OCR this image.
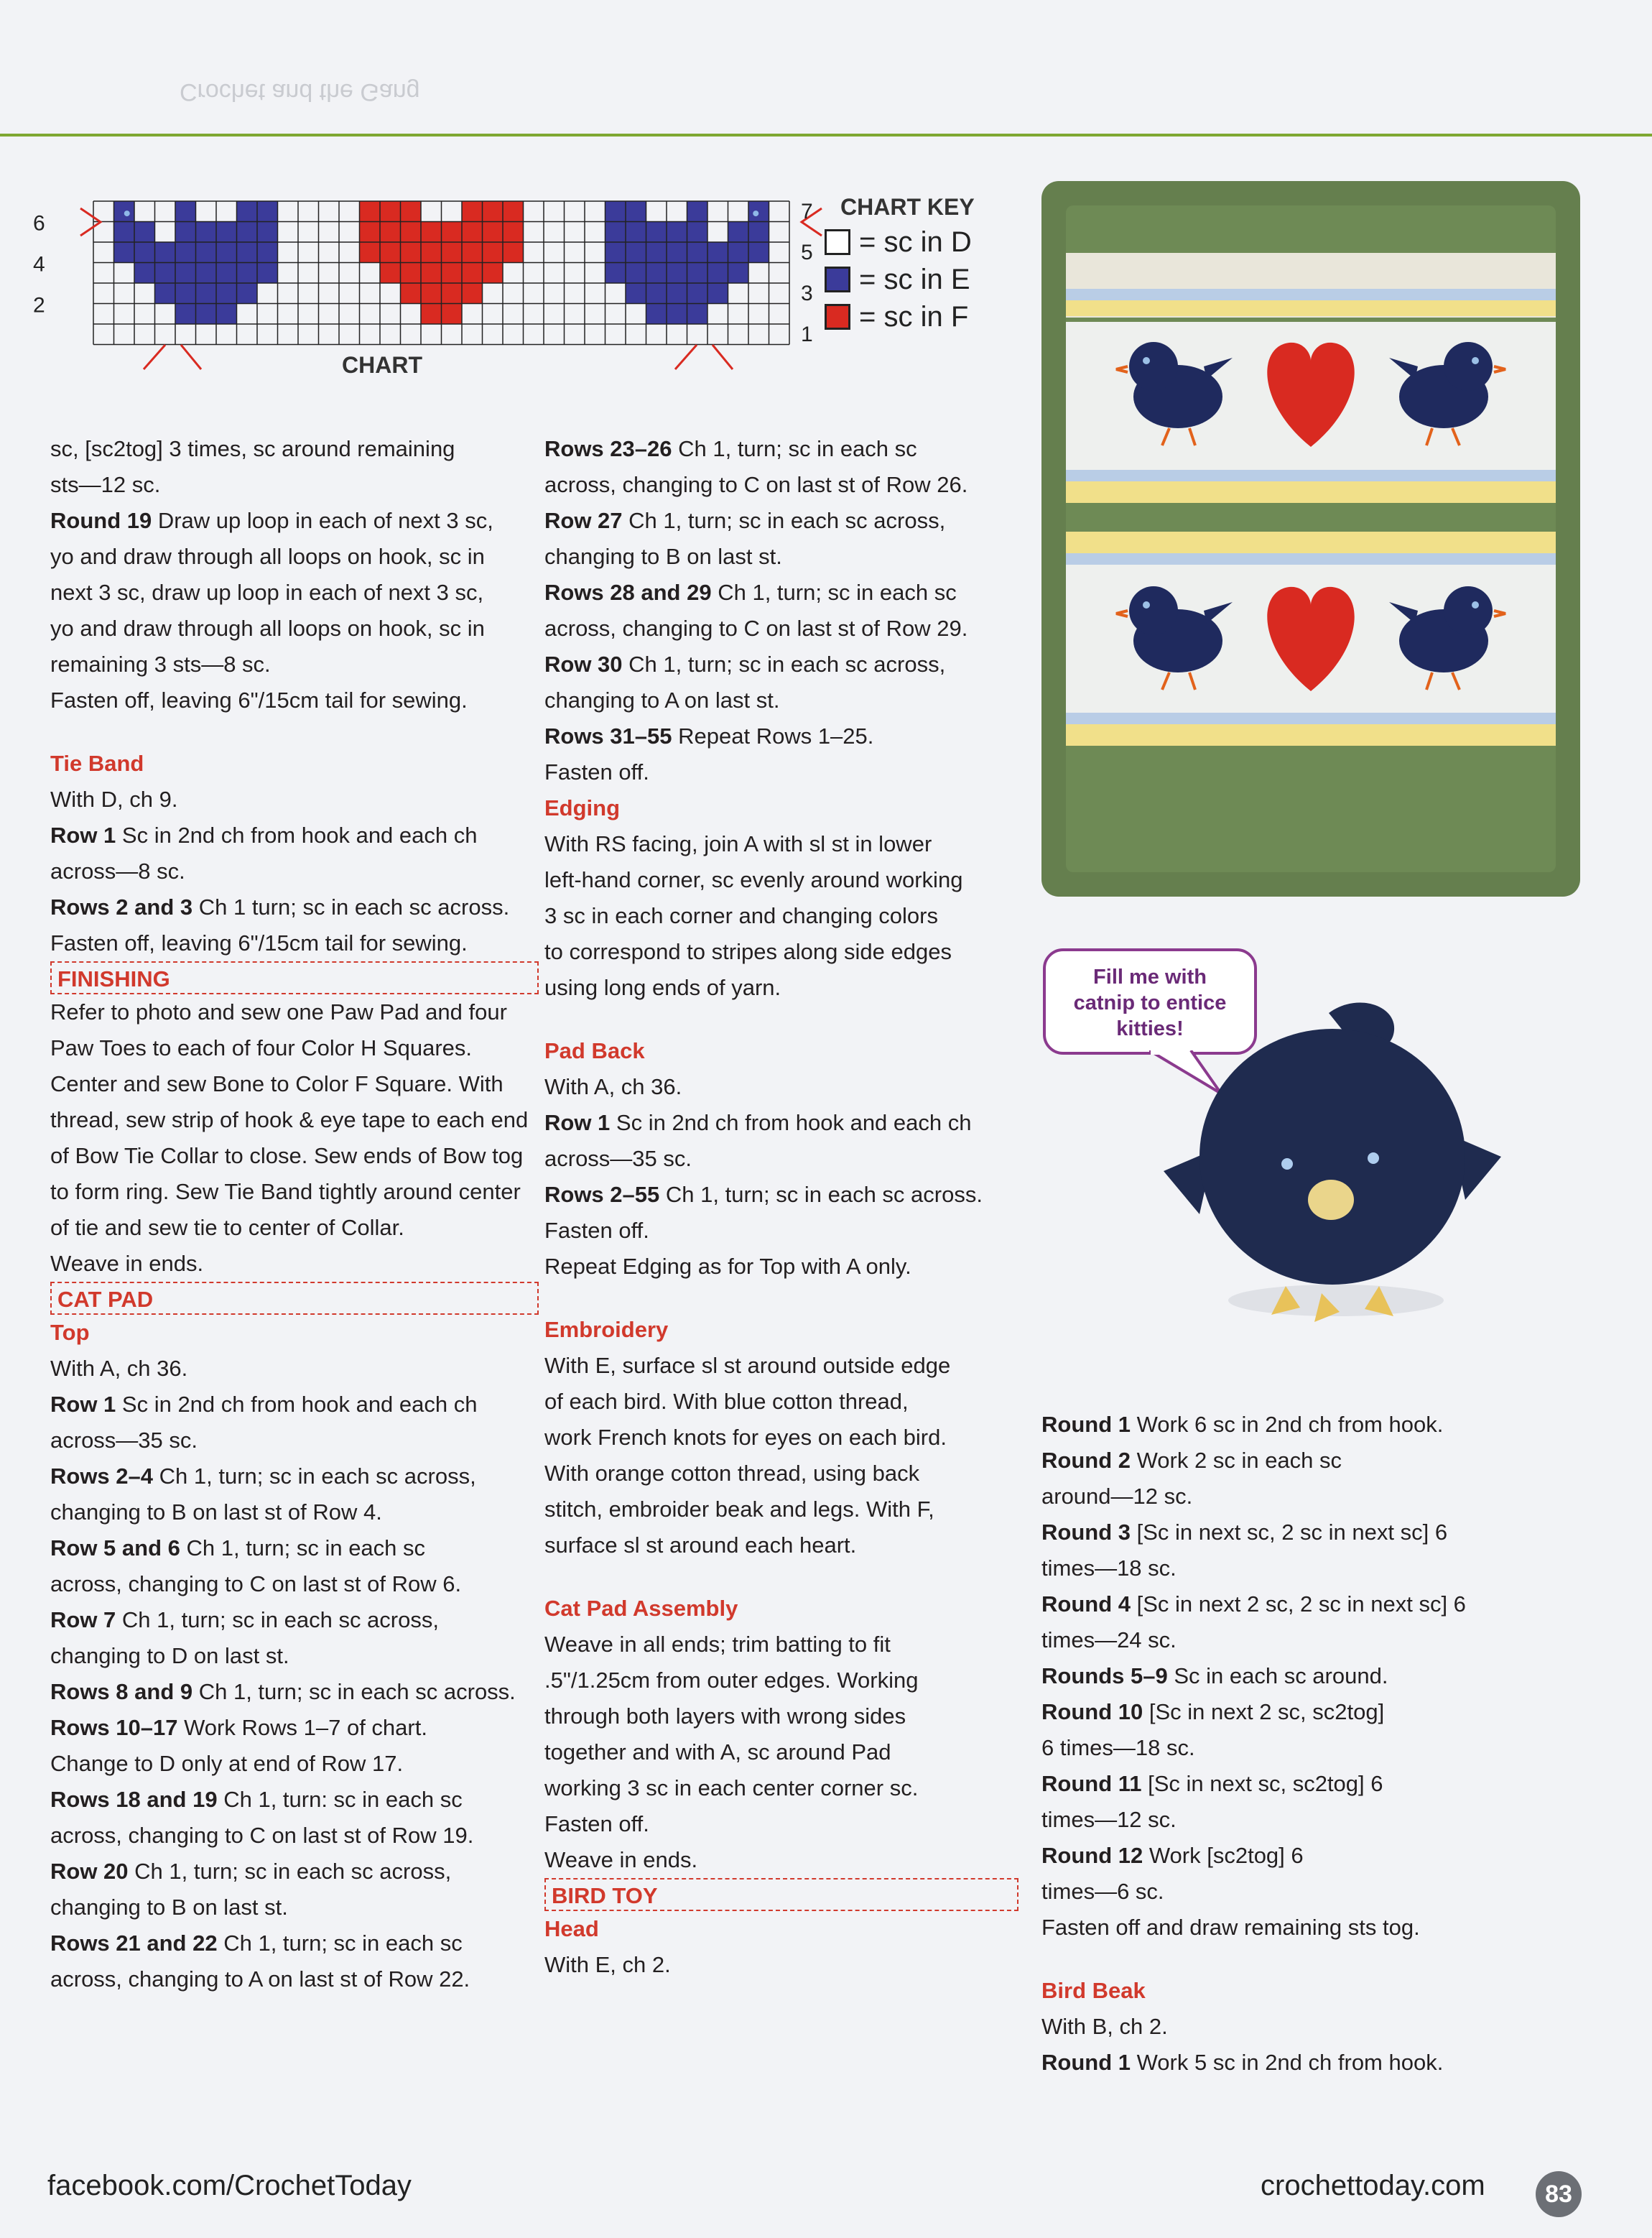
Crochet and the Gang
6
4
2
7
5
3
1
CHART
CHART KEY
= sc in D
= sc in E
= sc in F

sc, [sc2tog] 3 times, sc around remaining

sts—12 sc.

Round 19 Draw up loop in each of next 3 sc,

yo and draw through all loops on hook, sc in

next 3 sc, draw up loop in each of next 3 sc,

yo and draw through all loops on hook, sc in

remaining 3 sts—8 sc.

Fasten off, leaving 6"/15cm tail for sewing.

Tie Band

With D, ch 9.

Row 1 Sc in 2nd ch from hook and each ch

across—8 sc.

Rows 2 and 3 Ch 1 turn; sc in each sc across.

Fasten off, leaving 6"/15cm tail for sewing.

FINISHING

Refer to photo and sew one Paw Pad and four

Paw Toes to each of four Color H Squares.

Center and sew Bone to Color F Square. With

thread, sew strip of hook & eye tape to each end

of Bow Tie Collar to close. Sew ends of Bow tog

to form ring. Sew Tie Band tightly around center

of tie and sew tie to center of Collar.

Weave in ends.

CAT PAD

Top

With A, ch 36.

Row 1 Sc in 2nd ch from hook and each ch

across—35 sc.

Rows 2–4 Ch 1, turn; sc in each sc across,

changing to B on last st of Row 4.

Row 5 and 6 Ch 1, turn; sc in each sc

across, changing to C on last st of Row 6.

Row 7 Ch 1, turn; sc in each sc across,

changing to D on last st.

Rows 8 and 9 Ch 1, turn; sc in each sc across.

Rows 10–17 Work Rows 1–7 of chart.

Change to D only at end of Row 17.

Rows 18 and 19 Ch 1, turn: sc in each sc

across, changing to C on last st of Row 19.

Row 20 Ch 1, turn; sc in each sc across,

changing to B on last st.

Rows 21 and 22 Ch 1, turn; sc in each sc

across, changing to A on last st of Row 22.

Rows 23–26 Ch 1, turn; sc in each sc

across, changing to C on last st of Row 26.

Row 27 Ch 1, turn; sc in each sc across,

changing to B on last st.

Rows 28 and 29 Ch 1, turn; sc in each sc

across, changing to C on last st of Row 29.

Row 30 Ch 1, turn; sc in each sc across,

changing to A on last st.

Rows 31–55 Repeat Rows 1–25.

Fasten off.

Edging

With RS facing, join A with sl st in lower

left-hand corner, sc evenly around working

3 sc in each corner and changing colors

to correspond to stripes along side edges

using long ends of yarn.

Pad Back

With A, ch 36.

Row 1 Sc in 2nd ch from hook and each ch

across—35 sc.

Rows 2–55 Ch 1, turn; sc in each sc across.

Fasten off.

Repeat Edging as for Top with A only.

Embroidery

With E, surface sl st around outside edge

of each bird. With blue cotton thread,

work French knots for eyes on each bird.

With orange cotton thread, using back

stitch, embroider beak and legs. With F,

surface sl st around each heart.

Cat Pad Assembly

Weave in all ends; trim batting to fit

.5"/1.25cm from outer edges. Working

through both layers with wrong sides

together and with A, sc around Pad

working 3 sc in each center corner sc.

Fasten off.

Weave in ends.

BIRD TOY

Head

With E, ch 2.

Round 1 Work 6 sc in 2nd ch from hook.

Round 2 Work 2 sc in each sc

around—12 sc.

Round 3 [Sc in next sc, 2 sc in next sc] 6

times—18 sc.

Round 4 [Sc in next 2 sc, 2 sc in next sc] 6

times—24 sc.

Rounds 5–9 Sc in each sc around.

Round 10 [Sc in next 2 sc, sc2tog]

6 times—18 sc.

Round 11 [Sc in next sc, sc2tog] 6

times—12 sc.

Round 12 Work [sc2tog] 6

times—6 sc.

Fasten off and draw remaining sts tog.

Bird Beak

With B, ch 2.

Round 1 Work 5 sc in 2nd ch from hook.

Fill me with
catnip to entice
kitties!
facebook.com/CrochetToday	crochettoday.com	83
